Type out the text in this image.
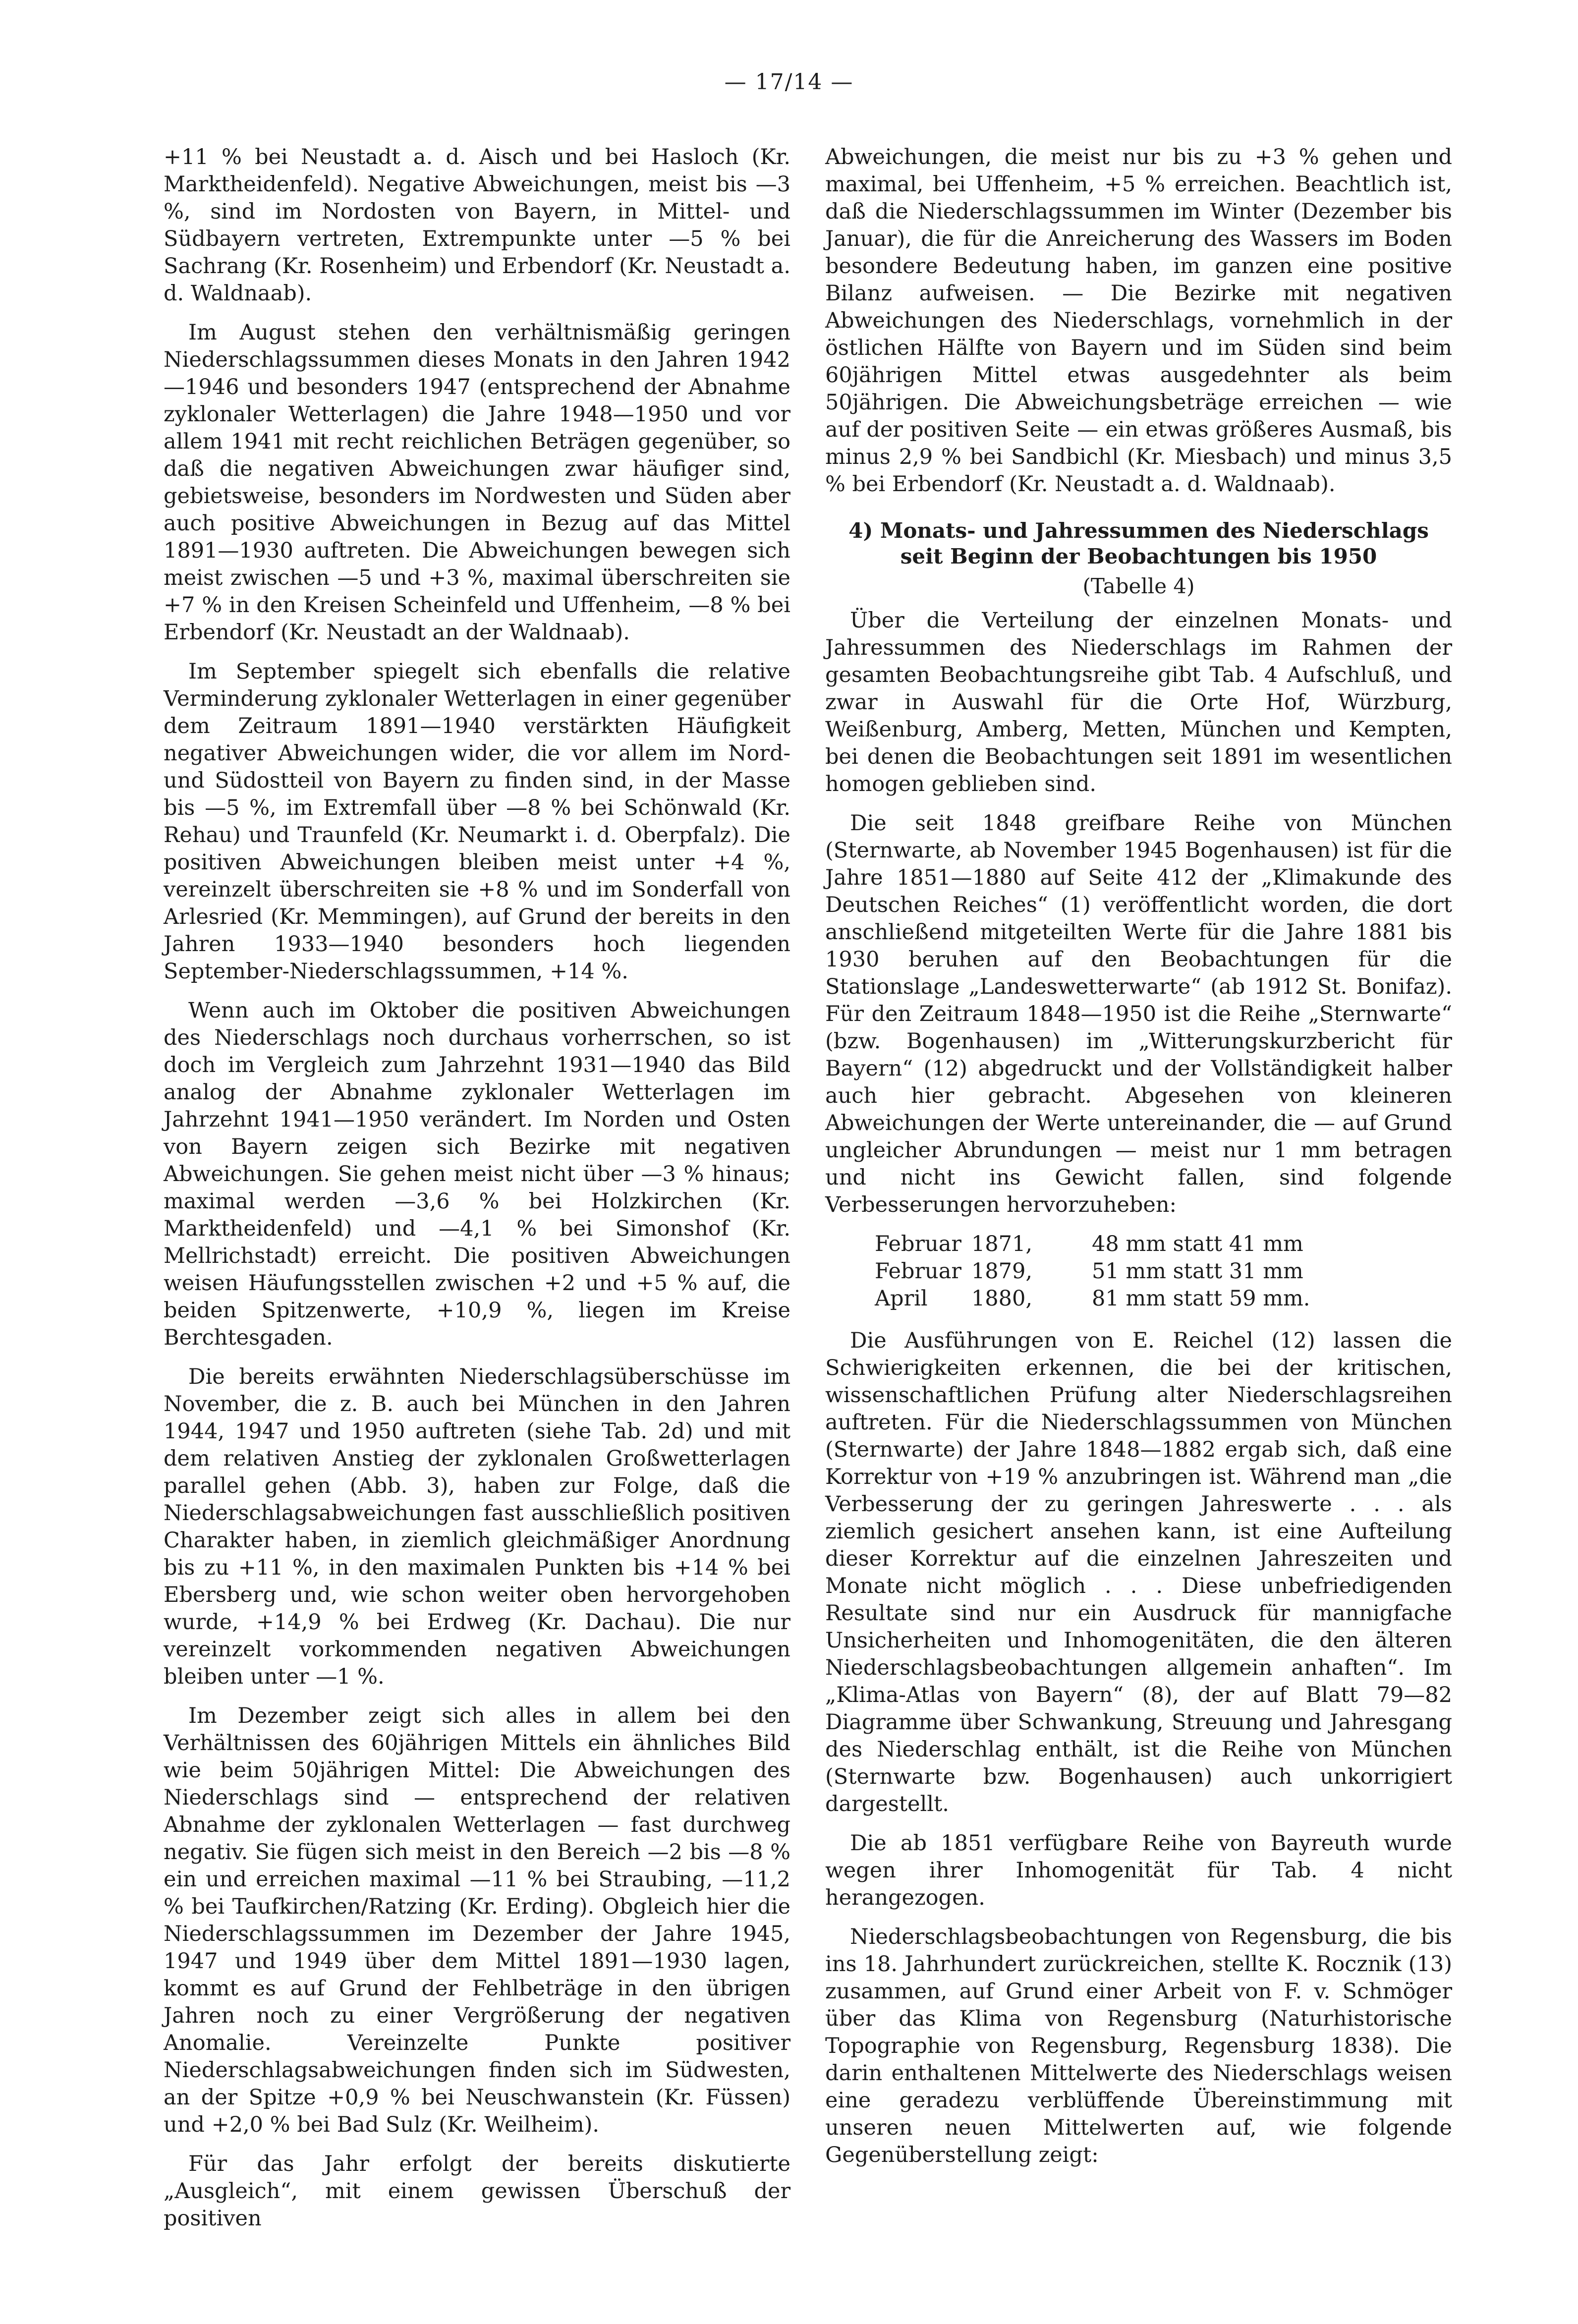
— 17/14 —

+11 % bei Neustadt a. d. Aisch und bei Hasloch (Kr. Marktheidenfeld). Negative Abweichungen, meist bis —3 %, sind im Nordosten von Bayern, in Mittel- und Südbayern vertreten, Extrempunkte unter —5 % bei Sachrang (Kr. Rosenheim) und Erbendorf (Kr. Neustadt a. d. Waldnaab).

Im August stehen den verhältnismäßig geringen Niederschlagssummen dieses Monats in den Jahren 1942—1946 und besonders 1947 (entsprechend der Abnahme zyklonaler Wetterlagen) die Jahre 1948—1950 und vor allem 1941 mit recht reichlichen Beträgen gegenüber, so daß die negativen Abweichungen zwar häufiger sind, gebietsweise, besonders im Nordwesten und Süden aber auch positive Abweichungen in Bezug auf das Mittel 1891—1930 auftreten. Die Abweichungen bewegen sich meist zwischen —5 und +3 %, maximal überschreiten sie +7 % in den Kreisen Scheinfeld und Uffenheim, —8 % bei Erbendorf (Kr. Neustadt an der Waldnaab).

Im September spiegelt sich ebenfalls die relative Verminderung zyklonaler Wetterlagen in einer gegenüber dem Zeitraum 1891—1940 verstärkten Häufigkeit negativer Abweichungen wider, die vor allem im Nord- und Südostteil von Bayern zu finden sind, in der Masse bis —5 %, im Extremfall über —8 % bei Schönwald (Kr. Rehau) und Traunfeld (Kr. Neumarkt i. d. Oberpfalz). Die positiven Abweichungen bleiben meist unter +4 %, vereinzelt überschreiten sie +8 % und im Sonderfall von Arlesried (Kr. Memmingen), auf Grund der bereits in den Jahren 1933—1940 besonders hoch liegenden September-Niederschlagssummen, +14 %.

Wenn auch im Oktober die positiven Abweichungen des Niederschlags noch durchaus vorherrschen, so ist doch im Vergleich zum Jahrzehnt 1931—1940 das Bild analog der Abnahme zyklonaler Wetterlagen im Jahrzehnt 1941—1950 verändert. Im Norden und Osten von Bayern zeigen sich Bezirke mit negativen Abweichungen. Sie gehen meist nicht über —3 % hinaus; maximal werden —3,6 % bei Holzkirchen (Kr. Marktheidenfeld) und —4,1 % bei Simonshof (Kr. Mellrichstadt) erreicht. Die positiven Abweichungen weisen Häufungsstellen zwischen +2 und +5 % auf, die beiden Spitzenwerte, +10,9 %, liegen im Kreise Berchtesgaden.

Die bereits erwähnten Niederschlagsüberschüsse im November, die z. B. auch bei München in den Jahren 1944, 1947 und 1950 auftreten (siehe Tab. 2d) und mit dem relativen Anstieg der zyklonalen Großwetterlagen parallel gehen (Abb. 3), haben zur Folge, daß die Niederschlagsabweichungen fast ausschließlich positiven Charakter haben, in ziemlich gleichmäßiger Anordnung bis zu +11 %, in den maximalen Punkten bis +14 % bei Ebersberg und, wie schon weiter oben hervorgehoben wurde, +14,9 % bei Erdweg (Kr. Dachau). Die nur vereinzelt vorkommenden negativen Abweichungen bleiben unter —1 %.

Im Dezember zeigt sich alles in allem bei den Verhältnissen des 60jährigen Mittels ein ähnliches Bild wie beim 50jährigen Mittel: Die Abweichungen des Niederschlags sind — entsprechend der relativen Abnahme der zyklonalen Wetterlagen — fast durchweg negativ. Sie fügen sich meist in den Bereich —2 bis —8 % ein und erreichen maximal —11 % bei Straubing, —11,2 % bei Taufkirchen/Ratzing (Kr. Erding). Obgleich hier die Niederschlagssummen im Dezember der Jahre 1945, 1947 und 1949 über dem Mittel 1891—1930 lagen, kommt es auf Grund der Fehlbeträge in den übrigen Jahren noch zu einer Vergrößerung der negativen Anomalie. Vereinzelte Punkte positiver Niederschlagsabweichungen finden sich im Südwesten, an der Spitze +0,9 % bei Neuschwanstein (Kr. Füssen) und +2,0 % bei Bad Sulz (Kr. Weilheim).

Für das Jahr erfolgt der bereits diskutierte „Ausgleich“, mit einem gewissen Überschuß der positiven

Abweichungen, die meist nur bis zu +3 % gehen und maximal, bei Uffenheim, +5 % erreichen. Beachtlich ist, daß die Niederschlagssummen im Winter (Dezember bis Januar), die für die Anreicherung des Wassers im Boden besondere Bedeutung haben, im ganzen eine positive Bilanz aufweisen. — Die Bezirke mit negativen Abweichungen des Niederschlags, vornehmlich in der östlichen Hälfte von Bayern und im Süden sind beim 60jährigen Mittel etwas ausgedehnter als beim 50jährigen. Die Abweichungsbeträge erreichen — wie auf der positiven Seite — ein etwas größeres Ausmaß, bis minus 2,9 % bei Sandbichl (Kr. Miesbach) und minus 3,5 % bei Erbendorf (Kr. Neustadt a. d. Waldnaab).

4) Monats- und Jahressummen des Niederschlags seit Beginn der Beobachtungen bis 1950
(Tabelle 4)

Über die Verteilung der einzelnen Monats- und Jahressummen des Niederschlags im Rahmen der gesamten Beobachtungsreihe gibt Tab. 4 Aufschluß, und zwar in Auswahl für die Orte Hof, Würzburg, Weißenburg, Amberg, Metten, München und Kempten, bei denen die Beobachtungen seit 1891 im wesentlichen homogen geblieben sind.

Die seit 1848 greifbare Reihe von München (Sternwarte, ab November 1945 Bogenhausen) ist für die Jahre 1851—1880 auf Seite 412 der „Klimakunde des Deutschen Reiches“ (1) veröffentlicht worden, die dort anschließend mitgeteilten Werte für die Jahre 1881 bis 1930 beruhen auf den Beobachtungen für die Stationslage „Landeswetterwarte“ (ab 1912 St. Bonifaz). Für den Zeitraum 1848—1950 ist die Reihe „Sternwarte“ (bzw. Bogenhausen) im „Witterungskurzbericht für Bayern“ (12) abgedruckt und der Vollständigkeit halber auch hier gebracht. Abgesehen von kleineren Abweichungen der Werte untereinander, die — auf Grund ungleicher Abrundungen — meist nur 1 mm betragen und nicht ins Gewicht fallen, sind folgende Verbesserungen hervorzuheben:

Februar	1871,	48 mm statt 41 mm
Februar	1879,	51 mm statt 31 mm
April	1880,	81 mm statt 59 mm.

Die Ausführungen von E. Reichel (12) lassen die Schwierigkeiten erkennen, die bei der kritischen, wissenschaftlichen Prüfung alter Niederschlagsreihen auftreten. Für die Niederschlagssummen von München (Sternwarte) der Jahre 1848—1882 ergab sich, daß eine Korrektur von +19 % anzubringen ist. Während man „die Verbesserung der zu geringen Jahreswerte . . . als ziemlich gesichert ansehen kann, ist eine Aufteilung dieser Korrektur auf die einzelnen Jahreszeiten und Monate nicht möglich . . . Diese unbefriedigenden Resultate sind nur ein Ausdruck für mannigfache Unsicherheiten und Inhomogenitäten, die den älteren Niederschlagsbeobachtungen allgemein anhaften“. Im „Klima-Atlas von Bayern“ (8), der auf Blatt 79—82 Diagramme über Schwankung, Streuung und Jahresgang des Niederschlag enthält, ist die Reihe von München (Sternwarte bzw. Bogenhausen) auch unkorrigiert dargestellt.

Die ab 1851 verfügbare Reihe von Bayreuth wurde wegen ihrer Inhomogenität für Tab. 4 nicht herangezogen.

Niederschlagsbeobachtungen von Regensburg, die bis ins 18. Jahrhundert zurückreichen, stellte K. Rocznik (13) zusammen, auf Grund einer Arbeit von F. v. Schmöger über das Klima von Regensburg (Naturhistorische Topographie von Regensburg, Regensburg 1838). Die darin enthaltenen Mittelwerte des Niederschlags weisen eine geradezu verblüffende Übereinstimmung mit unseren neuen Mittelwerten auf, wie folgende Gegenüberstellung zeigt:
